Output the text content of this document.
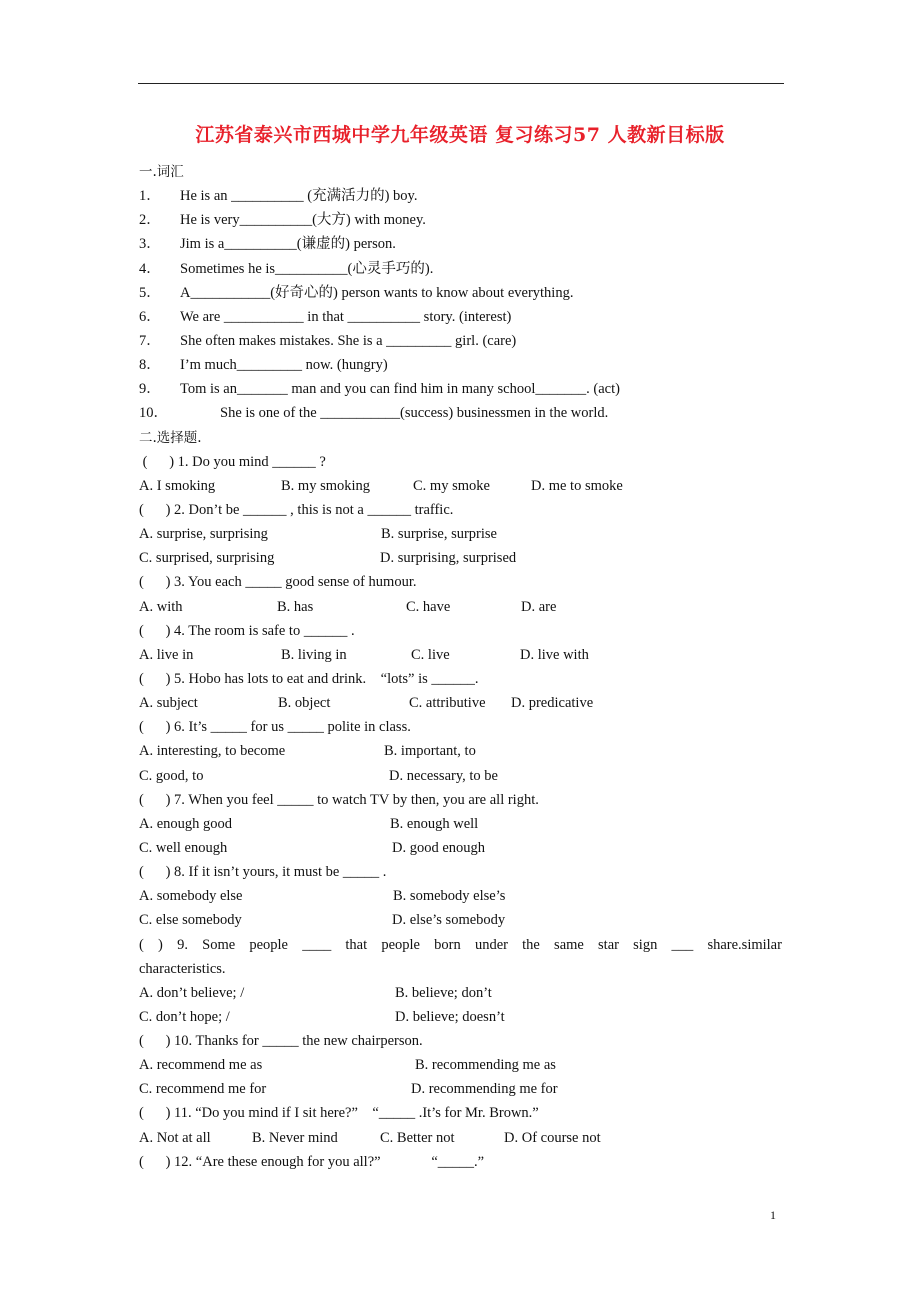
江苏省泰兴市西城中学九年级英语 复习练习57 人教新目标版
一.词汇
1． He is an __________ (充满活力的) boy.
2． He is very__________(大方) with money.
3． Jim is a__________(谦虚的) person.
4． Sometimes he is__________(心灵手巧的).
5． A___________(好奇心的) person wants to know about everything.
6． We are ___________ in that __________ story. (interest)
7． She often makes mistakes. She is a _________ girl. (care)
8． I’m much_________ now. (hungry)
9． Tom is an_______ man and you can find him in many school_______. (act)
10．	She is one of the ___________(success) businessmen in the world.
二.选择题.
(      ) 1. Do you mind ______ ?

A. I smoking

	B. my smoking

	C. my smoke

	D. me to smoke

(      ) 2. Don’t be ______ , this is not a ______ traffic.

A. surprise, surprising

	B. surprise, surprise

C. surprised, surprising

	D. surprising, surprised

(      ) 3. You each _____ good sense of humour.

A. with

	B. has

	C. have

	D. are

(      ) 4. The room is safe to ______ .

A. live in

	B. living in

	C. live

	D. live with

(      ) 5. Hobo has lots to eat and drink.    “lots” is ______.

A. subject

	B. object

	C. attributive

D. predicative

(      ) 6. It’s _____ for us _____ polite in class.

A. interesting, to become

	B. important, to

C. good, to

	D. necessary, to be

(      ) 7. When you feel _____ to watch TV by then, you are all right.

A. enough good

	B. enough well

C. well enough

	D. good enough

(      ) 8. If it isn’t yours, it must be _____ .

A. somebody else

	B. somebody else’s

C. else somebody

	D. else’s somebody

( ) 9. Some people ____ that people born under the same star sign ___ share.similar
characteristics.

A. don’t believe; /

	B. believe; don’t

C. don’t hope; /

	D. believe; doesn’t

(      ) 10. Thanks for _____ the new chairperson.

A. recommend me as

	B. recommending me as

C. recommend me for

	D. recommending me for

(      ) 11. “Do you mind if I sit here?”    “_____ .It’s for Mr. Brown.”

A. Not at all

	B. Never mind

	C. Better not

	D. Of course not

(      ) 12. “Are these enough for you all?”              “_____.”
1
